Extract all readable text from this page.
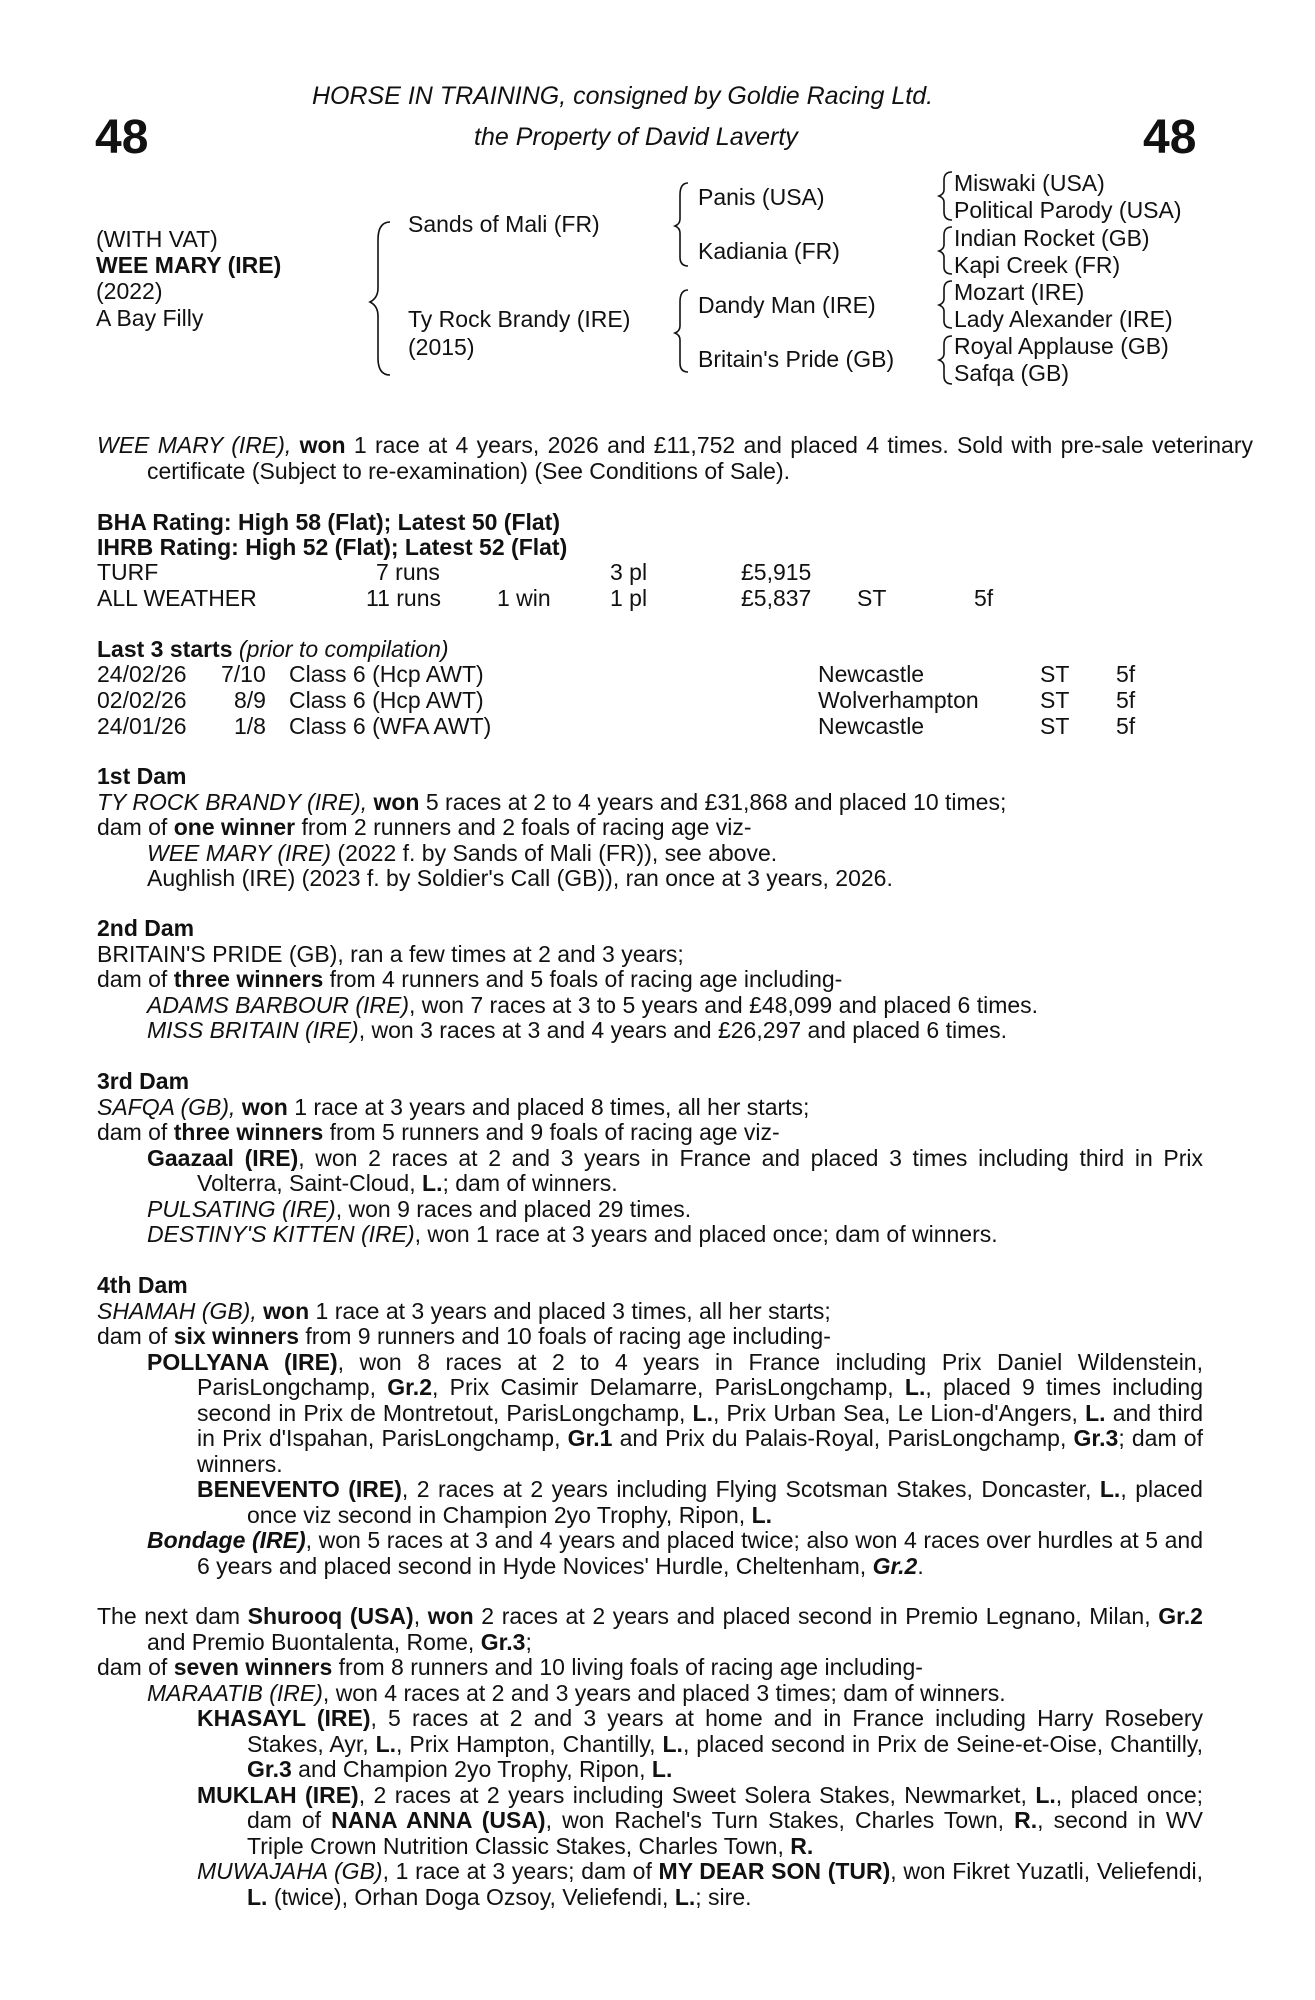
48	48
HORSE IN TRAINING, consigned by Goldie Racing Ltd.
the Property of David Laverty
(WITH VAT)
WEE MARY (IRE)
(2022)
A Bay Filly
Sands of Mali (FR)
Ty Rock Brandy (IRE)
(2015)
Panis (USA)
Kadiania (FR)
Dandy Man (IRE)
Britain's Pride (GB)
Miswaki (USA)
Political Parody (USA)
Indian Rocket (GB)
Kapi Creek (FR)
Mozart (IRE)
Lady Alexander (IRE)
Royal Applause (GB)
Safqa (GB)
WEE MARY (IRE), won 1 race at 4 years, 2026 and £11,752 and placed 4 times. Sold with pre-sale veterinary certificate (Subject to re-examination) (See Conditions of Sale).
BHA Rating: High 58 (Flat); Latest 50 (Flat)
IHRB Rating: High 52 (Flat); Latest 52 (Flat)
TURF	7 runs	3 pl	£5,915
ALL WEATHER	11 runs 1 win	1 pl	£5,837 ST	5f
Last 3 starts (prior to compilation)
24/02/26 7/10 Class 6 (Hcp AWT)	Newcastle	ST 5f
02/02/26 8/9 Class 6 (Hcp AWT)	Wolverhampton	ST 5f
24/01/26 1/8 Class 6 (WFA AWT)	Newcastle	ST 5f
1st Dam
TY ROCK BRANDY (IRE), won 5 races at 2 to 4 years and £31,868 and placed 10 times;
dam of one winner from 2 runners and 2 foals of racing age viz-
WEE MARY (IRE) (2022 f. by Sands of Mali (FR)), see above.
Aughlish (IRE) (2023 f. by Soldier's Call (GB)), ran once at 3 years, 2026.
2nd Dam
BRITAIN'S PRIDE (GB), ran a few times at 2 and 3 years;
dam of three winners from 4 runners and 5 foals of racing age including-
ADAMS BARBOUR (IRE), won 7 races at 3 to 5 years and £48,099 and placed 6 times.
MISS BRITAIN (IRE), won 3 races at 3 and 4 years and £26,297 and placed 6 times.
3rd Dam
SAFQA (GB), won 1 race at 3 years and placed 8 times, all her starts;
dam of three winners from 5 runners and 9 foals of racing age viz-
Gaazaal (IRE), won 2 races at 2 and 3 years in France and placed 3 times including third in Prix Volterra, Saint-Cloud, L.; dam of winners.
PULSATING (IRE), won 9 races and placed 29 times.
DESTINY'S KITTEN (IRE), won 1 race at 3 years and placed once; dam of winners.
4th Dam
SHAMAH (GB), won 1 race at 3 years and placed 3 times, all her starts;
dam of six winners from 9 runners and 10 foals of racing age including-
POLLYANA (IRE), won 8 races at 2 to 4 years in France including Prix Daniel Wildenstein, ParisLongchamp, Gr.2, Prix Casimir Delamarre, ParisLongchamp, L., placed 9 times including second in Prix de Montretout, ParisLongchamp, L., Prix Urban Sea, Le Lion-d'Angers, L. and third in Prix d'Ispahan, ParisLongchamp, Gr.1 and Prix du Palais-Royal, ParisLongchamp, Gr.3; dam of winners.
BENEVENTO (IRE), 2 races at 2 years including Flying Scotsman Stakes, Doncaster, L., placed once viz second in Champion 2yo Trophy, Ripon, L.
Bondage (IRE), won 5 races at 3 and 4 years and placed twice; also won 4 races over hurdles at 5 and 6 years and placed second in Hyde Novices' Hurdle, Cheltenham, Gr.2.
The next dam Shurooq (USA), won 2 races at 2 years and placed second in Premio Legnano, Milan, Gr.2 and Premio Buontalenta, Rome, Gr.3;
dam of seven winners from 8 runners and 10 living foals of racing age including-
MARAATIB (IRE), won 4 races at 2 and 3 years and placed 3 times; dam of winners.
KHASAYL (IRE), 5 races at 2 and 3 years at home and in France including Harry Rosebery Stakes, Ayr, L., Prix Hampton, Chantilly, L., placed second in Prix de Seine-et-Oise, Chantilly, Gr.3 and Champion 2yo Trophy, Ripon, L.
MUKLAH (IRE), 2 races at 2 years including Sweet Solera Stakes, Newmarket, L., placed once; dam of NANA ANNA (USA), won Rachel's Turn Stakes, Charles Town, R., second in WV Triple Crown Nutrition Classic Stakes, Charles Town, R.
MUWAJAHA (GB), 1 race at 3 years; dam of MY DEAR SON (TUR), won Fikret Yuzatli, Veliefendi, L. (twice), Orhan Doga Ozsoy, Veliefendi, L.; sire.
